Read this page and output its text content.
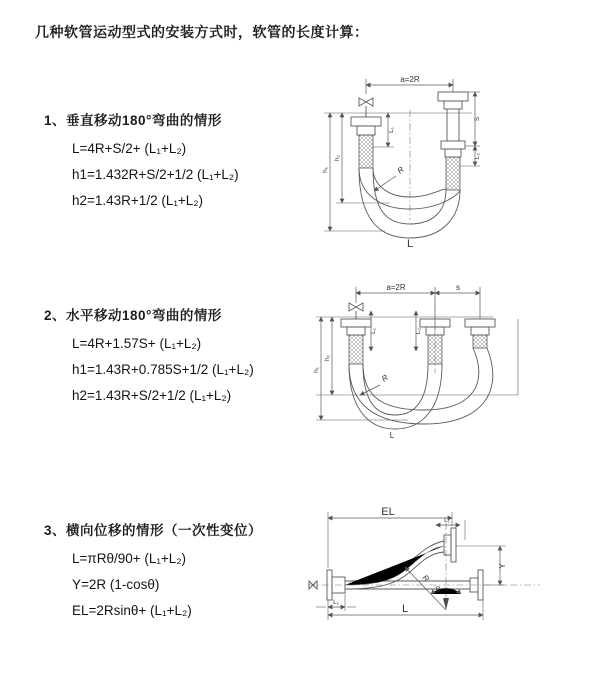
几种软管运动型式的安装方式时，软管的长度计算：
1、垂直移动180°弯曲的情形
L=4R+S/2+ (L₁+L₂)
h1=1.432R+S/2+1/2 (L₁+L₂)
h2=1.43R+1/2 (L₁+L₂)
2、水平移动180°弯曲的情形
L=4R+1.57S+ (L₁+L₂)
h1=1.43R+0.785S+1/2 (L₁+L₂)
h2=1.43R+S/2+1/2 (L₁+L₂)
3、横向位移的情形（一次性变位）
L=πRθ/90+ (L₁+L₂)
Y=2R (1-cosθ)
EL=2Rsinθ+ (L₁+L₂)
a=2R
h₁
h₂
L₁
S
L₂
R
L
a=2R	s
L₁	L₂
h₁
h₂
R
L
R
θ
EL
L₁
Y
L
L₁
